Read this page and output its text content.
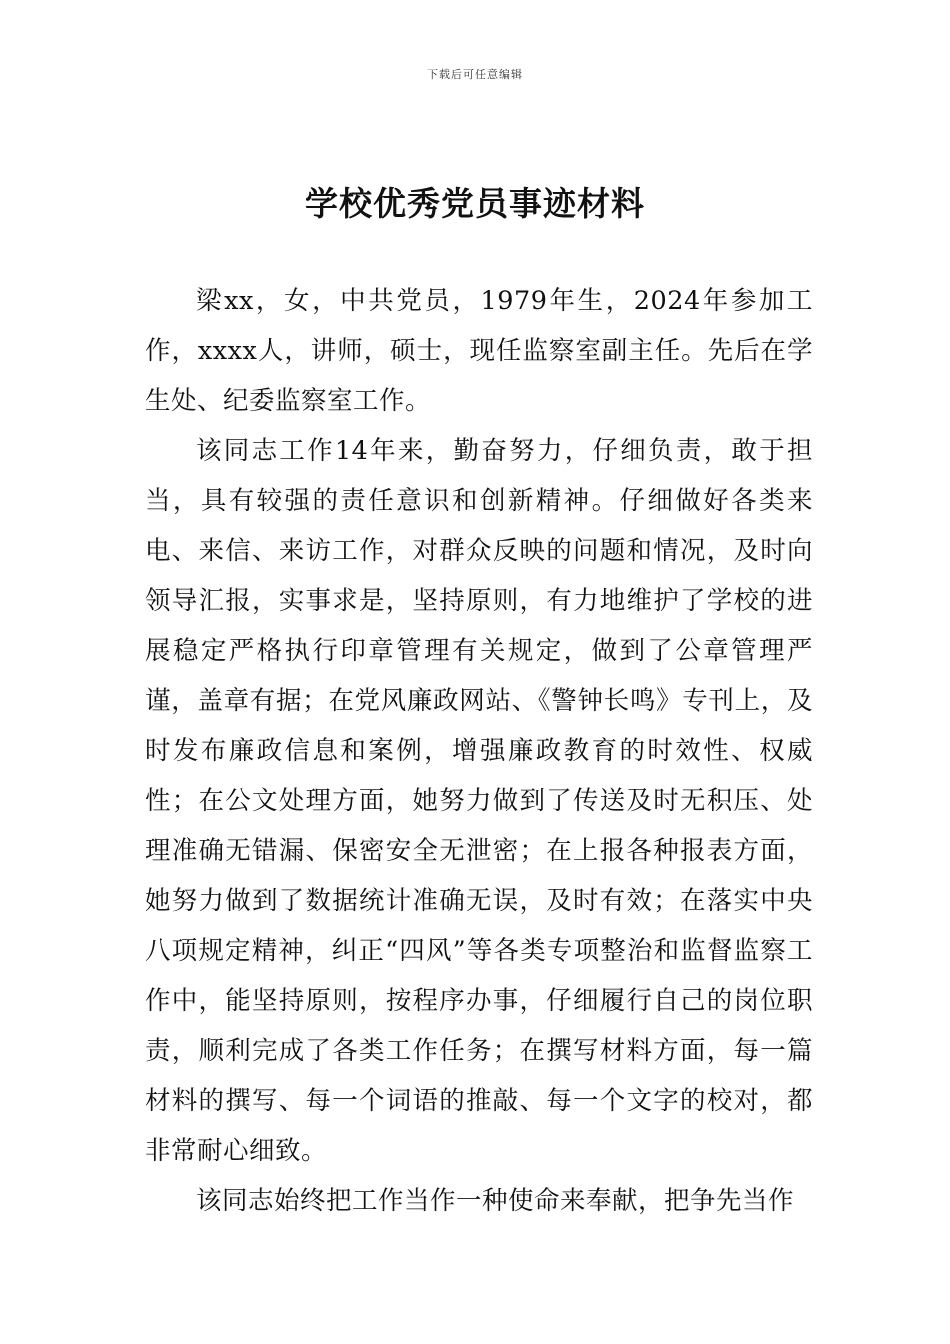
下载后可任意编辑
学校优秀党员事迹材料

梁xx，女，中共党员，1979年生，2024年参加工作，xxxx人，讲师，硕士，现任监察室副主任。先后在学生处、纪委监察室工作。

该同志工作14年来，勤奋努力，仔细负责，敢于担当，具有较强的责任意识和创新精神。仔细做好各类来电、来信、来访工作，对群众反映的问题和情况，及时向领导汇报，实事求是，坚持原则，有力地维护了学校的进展稳定严格执行印章管理有关规定，做到了公章管理严谨，盖章有据；在党风廉政网站、《警钟长鸣》专刊上，及时发布廉政信息和案例，增强廉政教育的时效性、权威性；在公文处理方面，她努力做到了传送及时无积压、处理准确无错漏、保密安全无泄密；在上报各种报表方面，她努力做到了数据统计准确无误，及时有效；在落实中央八项规定精神，纠正“四风”等各类专项整治和监督监察工作中，能坚持原则，按程序办事，仔细履行自己的岗位职责，顺利完成了各类工作任务；在撰写材料方面，每一篇材料的撰写、每一个词语的推敲、每一个文字的校对，都非常耐心细致。

该同志始终把工作当作一种使命来奉献，把争先当作
